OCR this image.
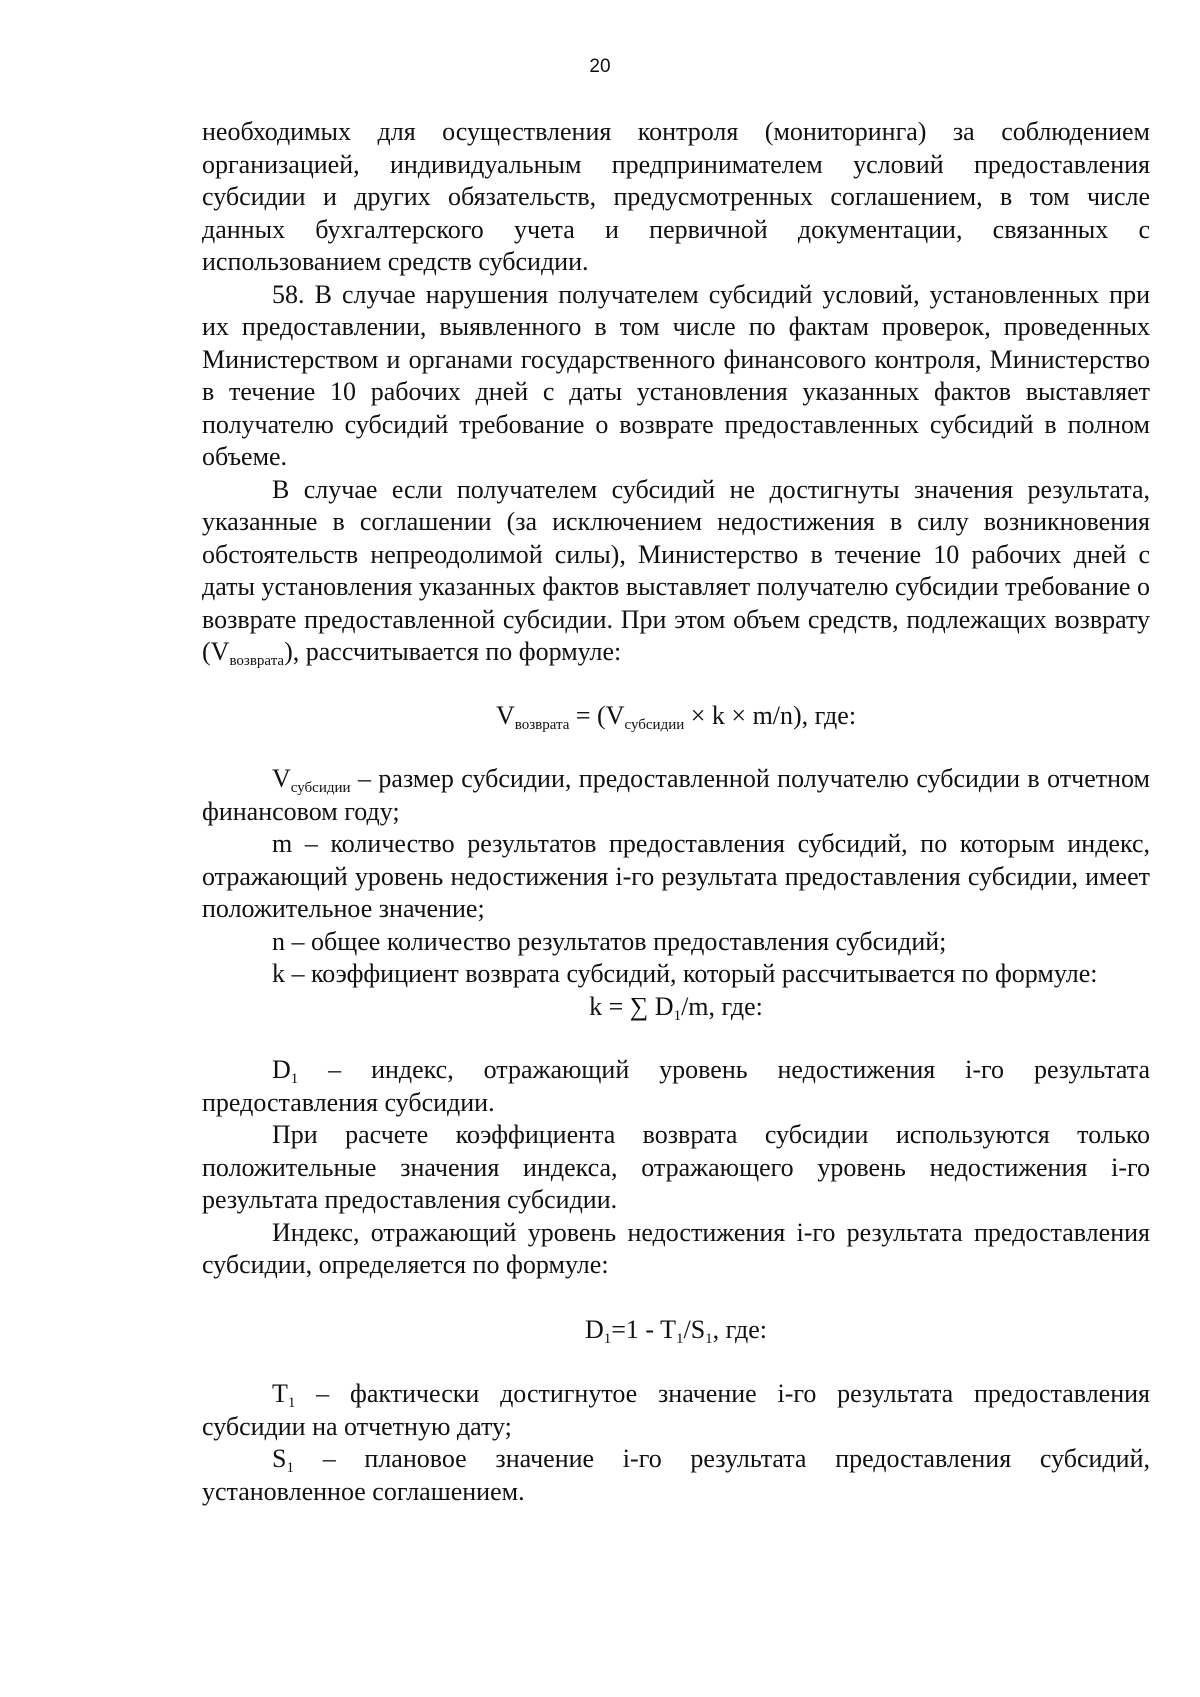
20

необходимых для осуществления контроля (мониторинга) за соблюдением организацией, индивидуальным предпринимателем условий предоставления субсидии и других обязательств, предусмотренных соглашением, в том числе данных бухгалтерского учета и первичной документации, связанных с использованием средств субсидии.

58. В случае нарушения получателем субсидий условий, установленных при их предоставлении, выявленного в том числе по фактам проверок, проведенных Министерством и органами государственного финансового контроля, Министерство в течение 10 рабочих дней с даты установления указанных фактов выставляет получателю субсидий требование о возврате предоставленных субсидий в полном объеме.

В случае если получателем субсидий не достигнуты значения результата, указанные в соглашении (за исключением недостижения в силу возникновения обстоятельств непреодолимой силы), Министерство в течение 10 рабочих дней с даты установления указанных фактов выставляет получателю субсидии требование о возврате предоставленной субсидии. При этом объем средств, подлежащих возврату $(V_{возврата})$, рассчитывается по формуле:

$V_{возврата} = (V_{субсидии} \times k \times m/n)$, где:

$V_{субсидии}$ – размер субсидии, предоставленной получателю субсидии в отчетном финансовом году;

m – количество результатов предоставления субсидий, по которым индекс, отражающий уровень недостижения i-го результата предоставления субсидии, имеет положительное значение;

n – общее количество результатов предоставления субсидий;

k – коэффициент возврата субсидий, который рассчитывается по формуле:

k = ∑ $D_1/m$, где:

$D_1$ – индекс, отражающий уровень недостижения i-го результата предоставления субсидии.

При расчете коэффициента возврата субсидии используются только положительные значения индекса, отражающего уровень недостижения i-го результата предоставления субсидии.

Индекс, отражающий уровень недостижения i-го результата предоставления субсидии, определяется по формуле:

$D_1=1 - T_1/S_1$, где:

$T_1$ – фактически достигнутое значение i-го результата предоставления субсидии на отчетную дату;

$S_1$ – плановое значение i-го результата предоставления субсидий, установленное соглашением.
